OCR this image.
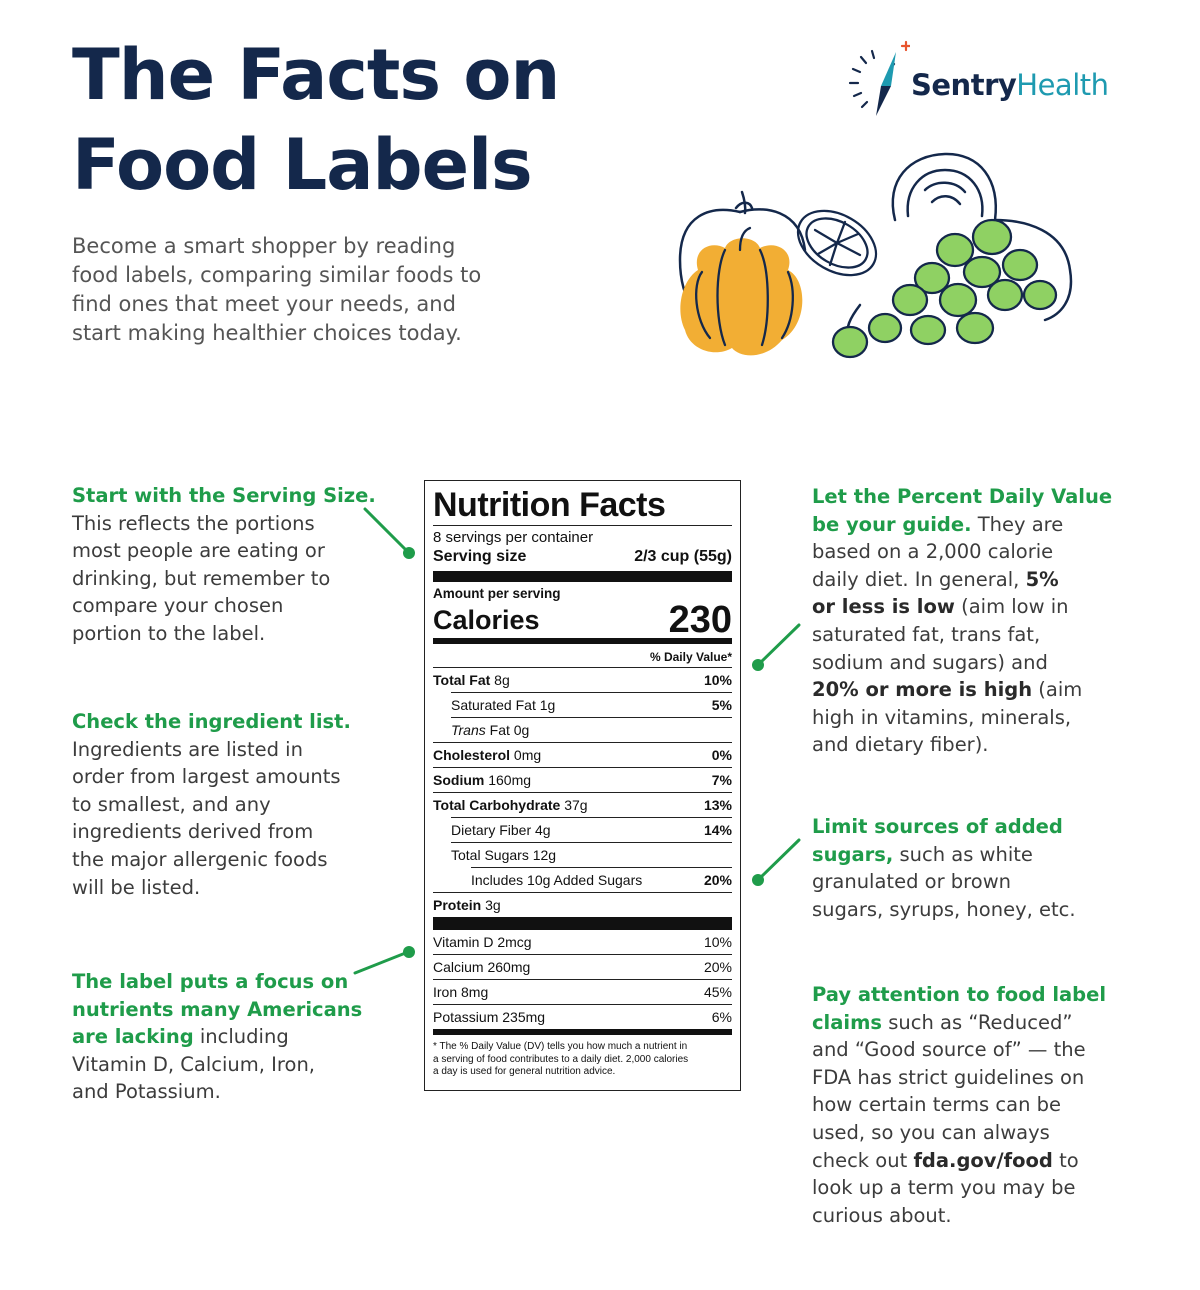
The Facts on
Food Labels

Become a smart shopper by reading
food labels, comparing similar foods to
find ones that meet your needs, and
start making healthier choices today.

SentryHealth
Start with the Serving Size.
This reflects the portions
most people are eating or
drinking, but remember to
compare your chosen
portion to the label.
Check the ingredient list.
Ingredients are listed in
order from largest amounts
to smallest, and any
ingredients derived from
the major allergenic foods
will be listed.
The label puts a focus on
nutrients many Americans
are lacking including
Vitamin D, Calcium, Iron,
and Potassium.
Let the Percent Daily Value
be your guide. They are
based on a 2,000 calorie
daily diet. In general, 5%
or less is low (aim low in
saturated fat, trans fat,
sodium and sugars) and
20% or more is high (aim
high in vitamins, minerals,
and dietary fiber).
Limit sources of added
sugars, such as white
granulated or brown
sugars, syrups, honey, etc.
Pay attention to food label
claims such as “Reduced”
and “Good source of” — the
FDA has strict guidelines on
how certain terms can be
used, so you can always
check out fda.gov/food to
look up a term you may be
curious about.
Nutrition Facts
8 servings per container
Serving size	2/3 cup (55g)
Amount per serving
Calories	230
% Daily Value*
Total Fat 8g	10%
Saturated Fat 1g	5%
Trans Fat 0g
Cholesterol 0mg	0%
Sodium 160mg	7%
Total Carbohydrate 37g	13%
Dietary Fiber 4g	14%
Total Sugars 12g
Includes 10g Added Sugars	20%
Protein 3g
Vitamin D 2mcg	10%
Calcium 260mg	20%
Iron 8mg	45%
Potassium 235mg	6%
* The % Daily Value (DV) tells you how much a nutrient in
a serving of food contributes to a daily diet. 2,000 calories
a day is used for general nutrition advice.
